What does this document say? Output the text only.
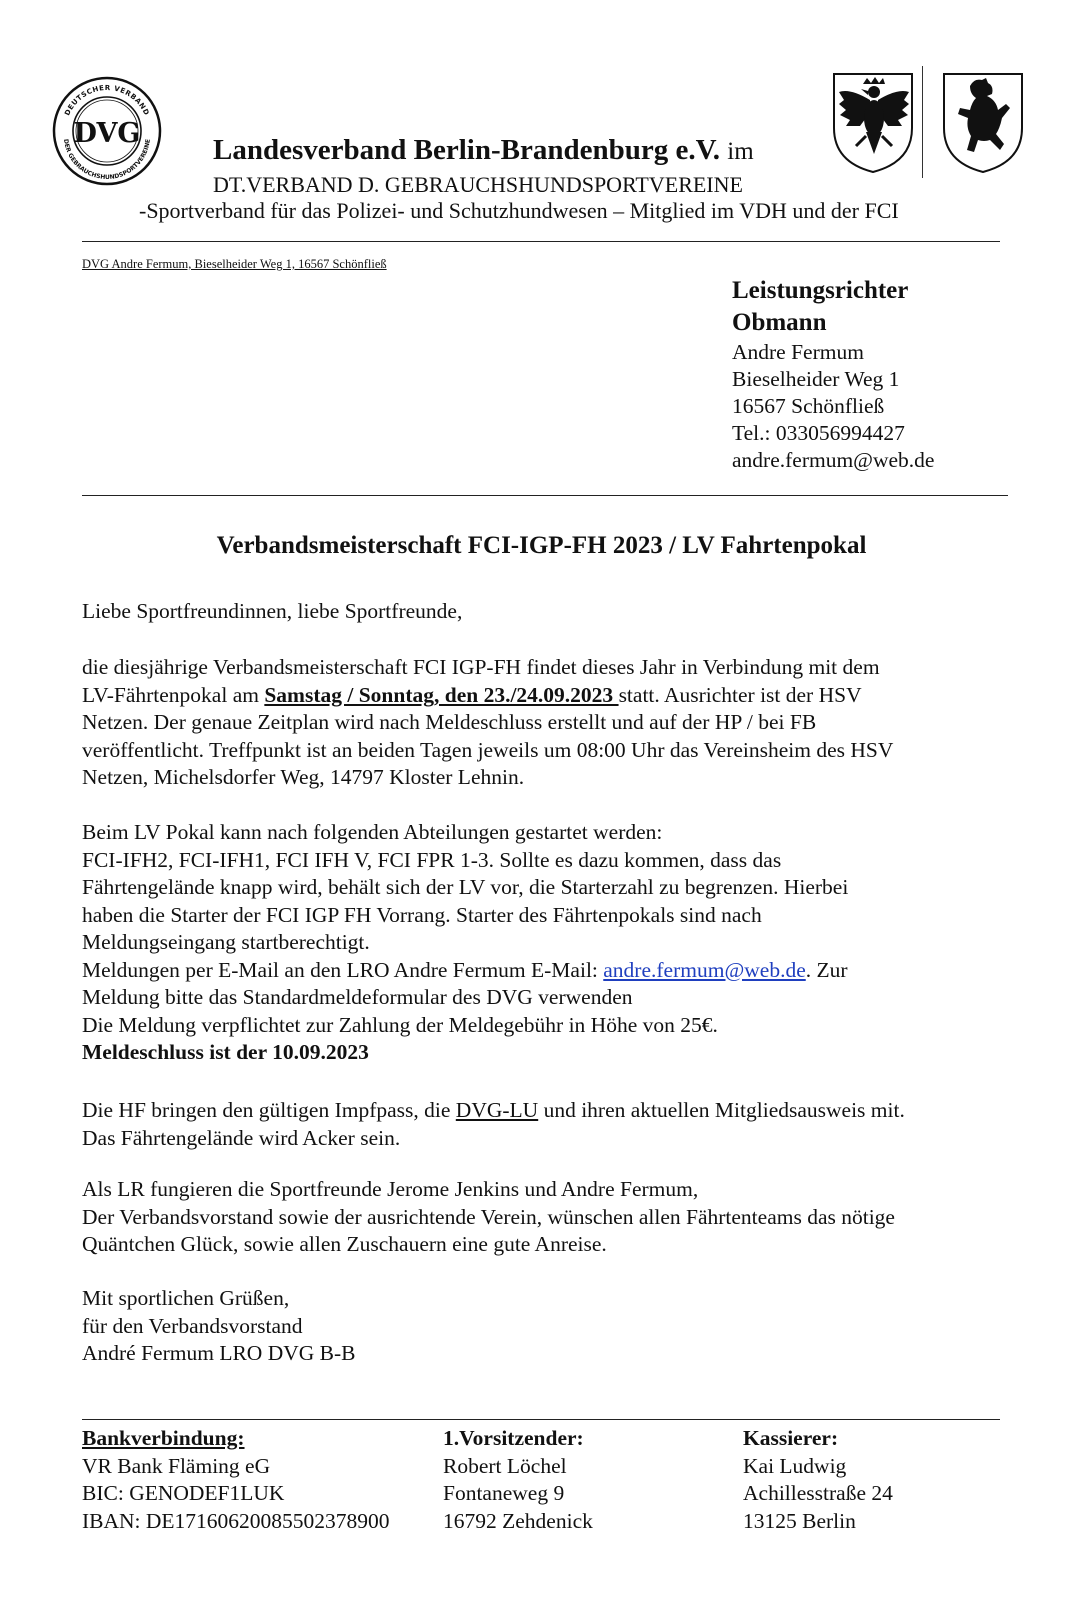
DEUTSCHER VERBAND
DER GEBRAUCHSHUNDSPORTVEREINE
DVG
Landesverband Berlin-Brandenburg e.V. im
DT.VERBAND D. GEBRAUCHSHUNDSPORTVEREINE
-Sportverband für das Polizei- und Schutzhundwesen – Mitglied im VDH und der FCI
DVG Andre Fermum, Bieselheider Weg 1, 16567 Schönfließ
Leistungsrichter
Obmann
Andre Fermum
Bieselheider Weg 1
16567 Schönfließ
Tel.: 033056994427
andre.fermum@web.de
Verbandsmeisterschaft FCI-IGP-FH 2023 / LV Fahrtenpokal
Liebe Sportfreundinnen, liebe Sportfreunde,
die diesjährige Verbandsmeisterschaft FCI IGP-FH findet dieses Jahr in Verbindung mit dem
LV-Fährtenpokal am Samstag / Sonntag, den 23./24.09.2023 statt. Ausrichter ist der HSV
Netzen. Der genaue Zeitplan wird nach Meldeschluss erstellt und auf der HP / bei FB
veröffentlicht. Treffpunkt ist an beiden Tagen jeweils um 08:00 Uhr das Vereinsheim des HSV
Netzen, Michelsdorfer Weg, 14797 Kloster Lehnin.
Beim LV Pokal kann nach folgenden Abteilungen gestartet werden:
FCI-IFH2, FCI-IFH1, FCI IFH V, FCI FPR 1-3. Sollte es dazu kommen, dass das
Fährtengelände knapp wird, behält sich der LV vor, die Starterzahl zu begrenzen. Hierbei
haben die Starter der FCI IGP FH Vorrang. Starter des Fährtenpokals sind nach
Meldungseingang startberechtigt.
Meldungen per E-Mail an den LRO Andre Fermum E-Mail: andre.fermum@web.de. Zur
Meldung bitte das Standardmeldeformular des DVG verwenden
Die Meldung verpflichtet zur Zahlung der Meldegebühr in Höhe von 25€.
Meldeschluss ist der 10.09.2023
Die HF bringen den gültigen Impfpass, die DVG-LU und ihren aktuellen Mitgliedsausweis mit.
Das Fährtengelände wird Acker sein.
Als LR fungieren die Sportfreunde Jerome Jenkins und Andre Fermum,
Der Verbandsvorstand sowie der ausrichtende Verein, wünschen allen Fährtenteams das nötige
Quäntchen Glück, sowie allen Zuschauern eine gute Anreise.
Mit sportlichen Grüßen,
für den Verbandsvorstand
André Fermum LRO DVG B-B
Bankverbindung:
VR Bank Fläming eG
BIC: GENODEF1LUK
IBAN: DE17160620085502378900
1.Vorsitzender:
Robert Löchel
Fontaneweg 9
16792 Zehdenick
Kassierer:
Kai Ludwig
Achillesstraße 24
13125 Berlin
